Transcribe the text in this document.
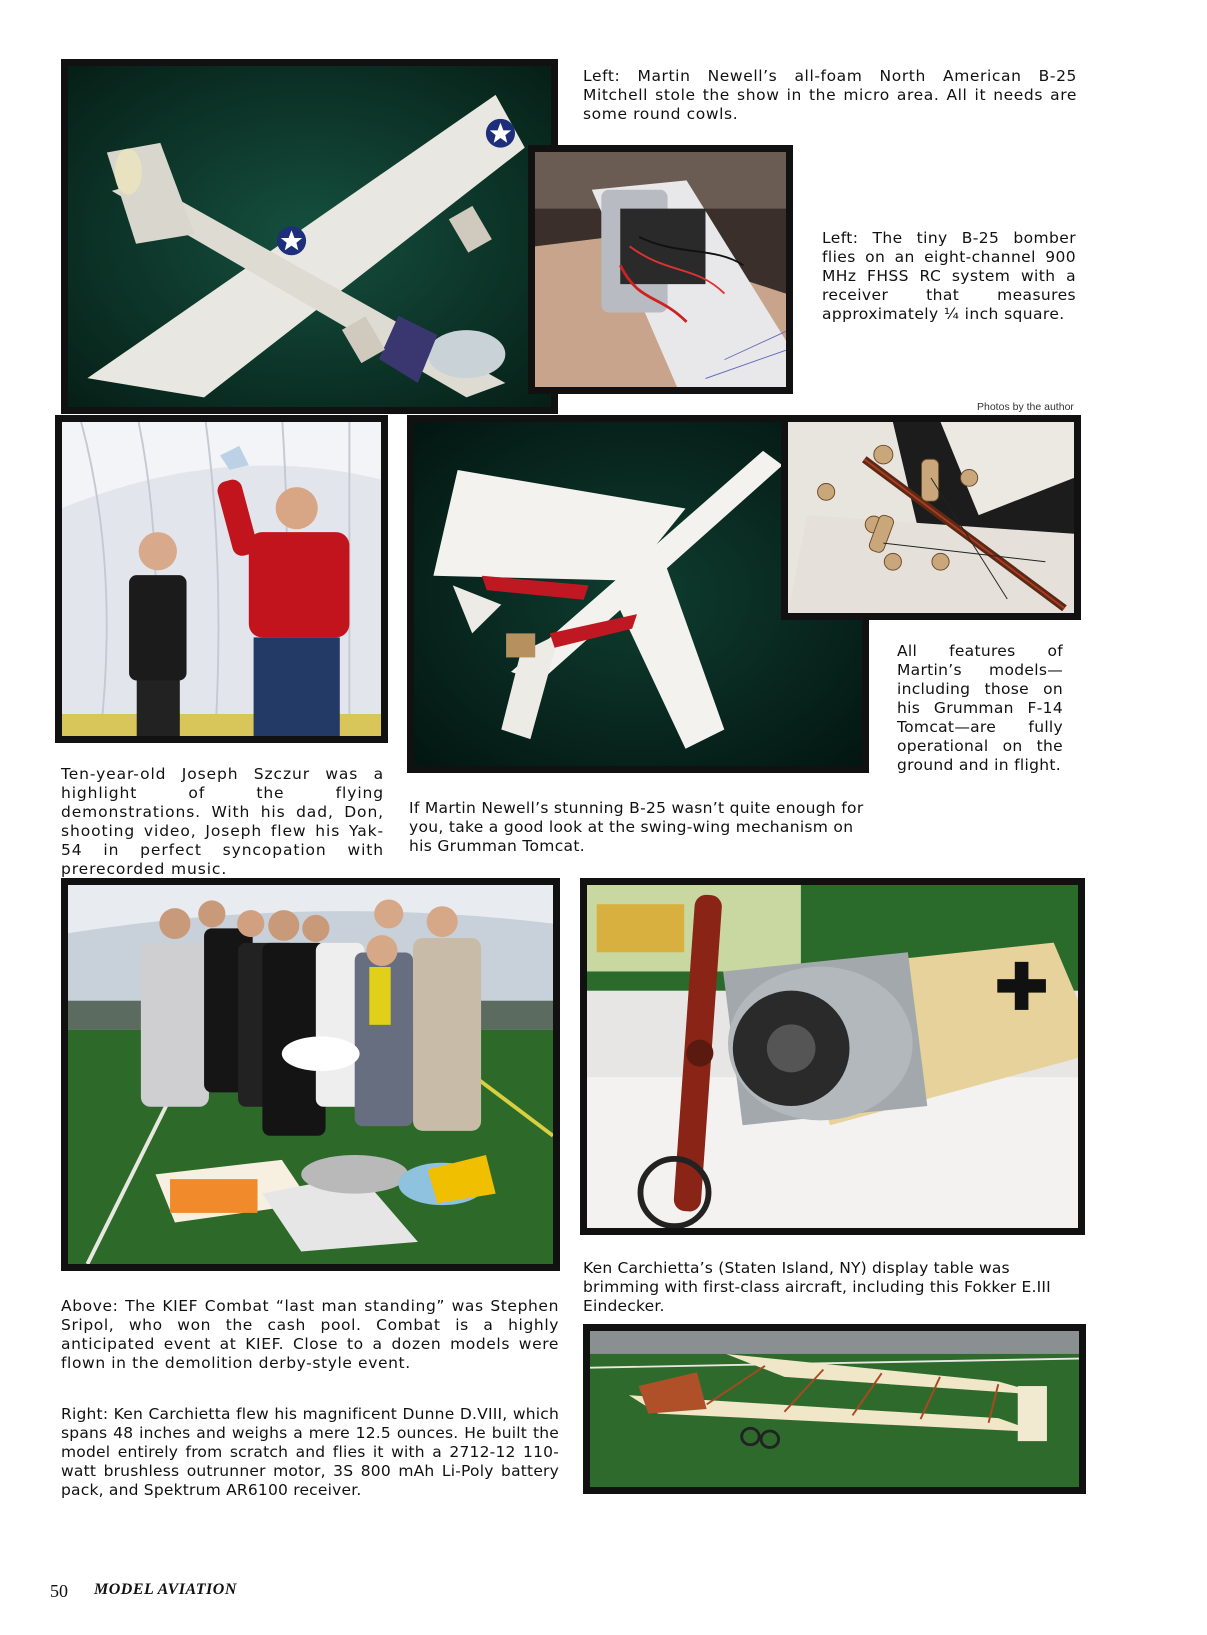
Left: Martin Newell’s all-foam North American B-25 Mitchell stole the show in the micro area. All it needs are some round cowls.
Left: The tiny B-25 bomber flies on an eight-channel 900 MHz FHSS RC system with a receiver that measures approximately ¼ inch square.
Photos by the author
All features of Martin’s models—including those on his Grumman F-14 Tomcat—are fully operational on the ground and in flight.
Ten-year-old Joseph Szczur was a highlight of the flying demonstrations. With his dad, Don, shooting video, Joseph flew his Yak-54 in perfect syncopation with prerecorded music.
If Martin Newell’s stunning B-25 wasn’t quite enough for you, take a good look at the swing-wing mechanism on his Grumman Tomcat.
Ken Carchietta’s (Staten Island, NY) display table was brimming with first-class aircraft, including this Fokker E.III Eindecker.
Above: The KIEF Combat “last man standing” was Stephen Sripol, who won the cash pool. Combat is a highly anticipated event at KIEF. Close to a dozen models were flown in the demolition derby-style event.
Right: Ken Carchietta flew his magnificent Dunne D.VIII, which spans 48 inches and weighs a mere 12.5 ounces. He built the model entirely from scratch and flies it with a 2712-12 110-watt brushless outrunner motor, 3S 800 mAh Li-Poly battery pack, and Spektrum AR6100 receiver.
50 MODEL AVIATION
